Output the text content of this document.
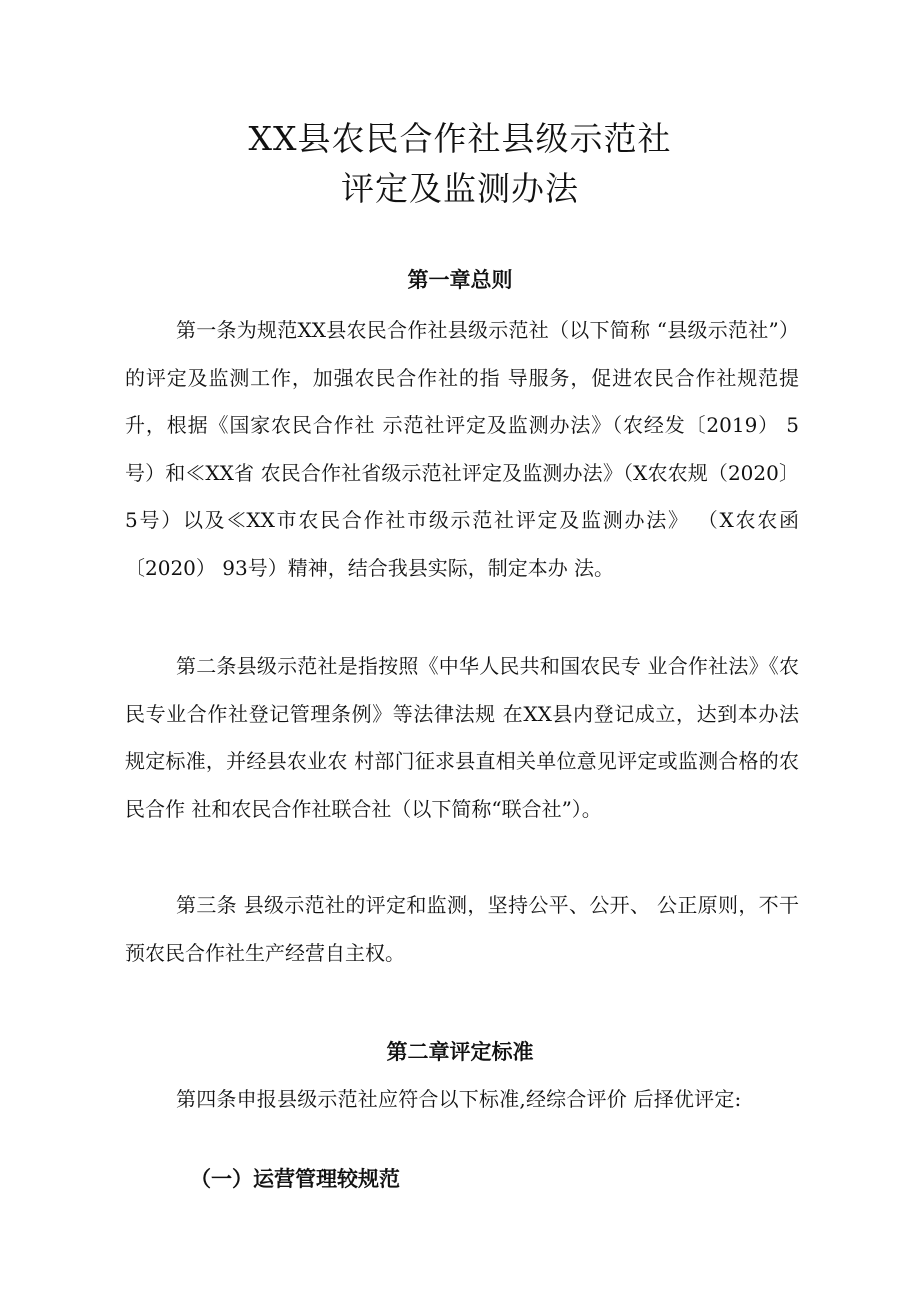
XX县农民合作社县级示范社
评定及监测办法
第一章总则

第一条为规范XX县农民合作社县级示范社（以下简称 “县级示范社”）的评定及监测工作，加强农民合作社的指 导服务，促进农民合作社规范提升，根据《国家农民合作社 示范社评定及监测办法》（农经发〔2019） 5号）和≪XX省 农民合作社省级示范社评定及监测办法》（X农农规（2020〕 5号）以及≪XX市农民合作社市级示范社评定及监测办法》 （X农农函〔2020） 93号）精神，结合我县实际，制定本办 法。

第二条县级示范社是指按照《中华人民共和国农民专 业合作社法》《农民专业合作社登记管理条例》等法律法规 在XX县内登记成立，达到本办法规定标准，并经县农业农 村部门征求县直相关单位意见评定或监测合格的农民合作 社和农民合作社联合社（以下简称“联合社”）。

第三条 县级示范社的评定和监测，坚持公平、公开、 公正原则，不干预农民合作社生产经营自主权。

第二章评定标准

第四条申报县级示范社应符合以下标准,经综合评价 后择优评定:

（一）运营管理较规范
